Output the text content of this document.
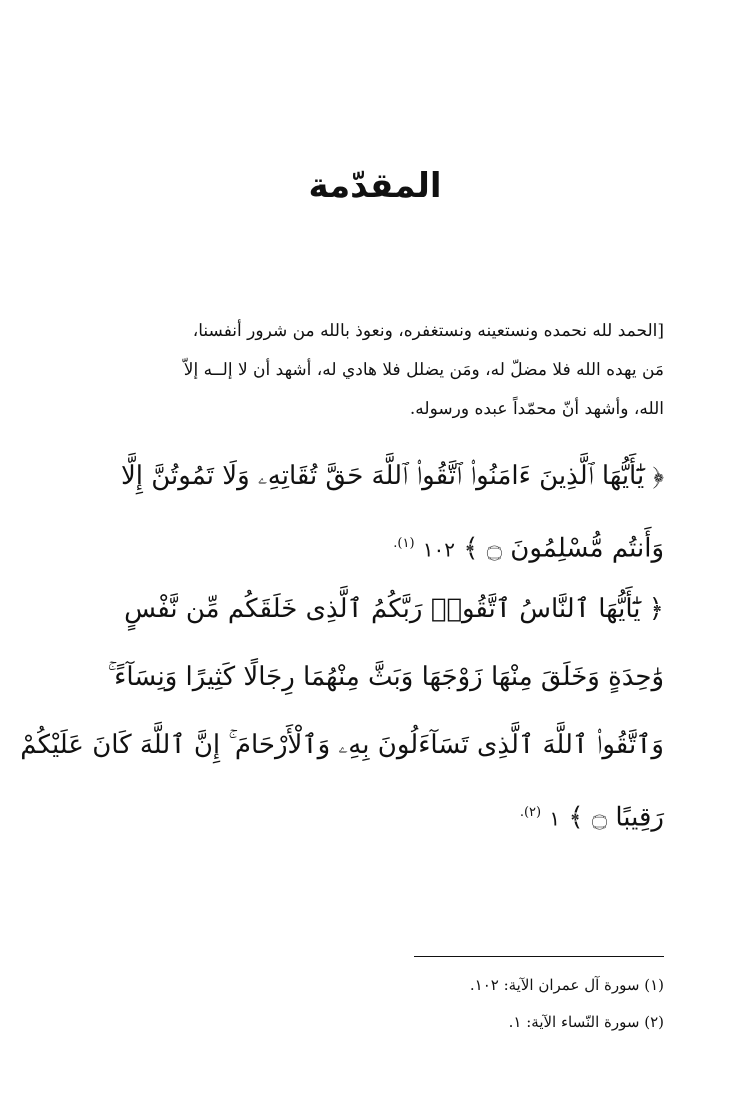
المقدّمة
[الحمد لله نحمده ونستعينه ونستغفره، ونعوذ بالله من شرور أنفسنا،
مَن يهده الله فلا مضلّ له، ومَن يضلل فلا هادي له، أشهد أن لا إلــه إلاّ
الله، وأشهد أنّ محمّداً عبده ورسوله.
﴿ يَٰٓأَيُّهَا ٱلَّذِينَ ءَامَنُوا۟ ٱتَّقُوا۟ ٱللَّهَ حَقَّ تُقَاتِهِۦ وَلَا تَمُوتُنَّ إِلَّا
وَأَنتُم مُّسْلِمُونَ ۝ ﴾ ١٠٢ $^{(١).}$
﴿ يَٰٓأَيُّهَا ٱلنَّاسُ ٱتَّقُوا۟ رَبَّكُمُ ٱلَّذِى خَلَقَكُم مِّن نَّفْسٍ
وَٰحِدَةٍ وَخَلَقَ مِنْهَا زَوْجَهَا وَبَثَّ مِنْهُمَا رِجَالًا كَثِيرًا وَنِسَآءً ۚ
وَٱتَّقُوا۟ ٱللَّهَ ٱلَّذِى تَسَآءَلُونَ بِهِۦ وَٱلْأَرْحَامَ ۚ إِنَّ ٱللَّهَ كَانَ عَلَيْكُمْ
رَقِيبًا ۝ ﴾ ١ $^{(٢).}$
(١) سورة آل عمران الآية: ١٠٢.
(٢) سورة النّساء الآية: ١.
